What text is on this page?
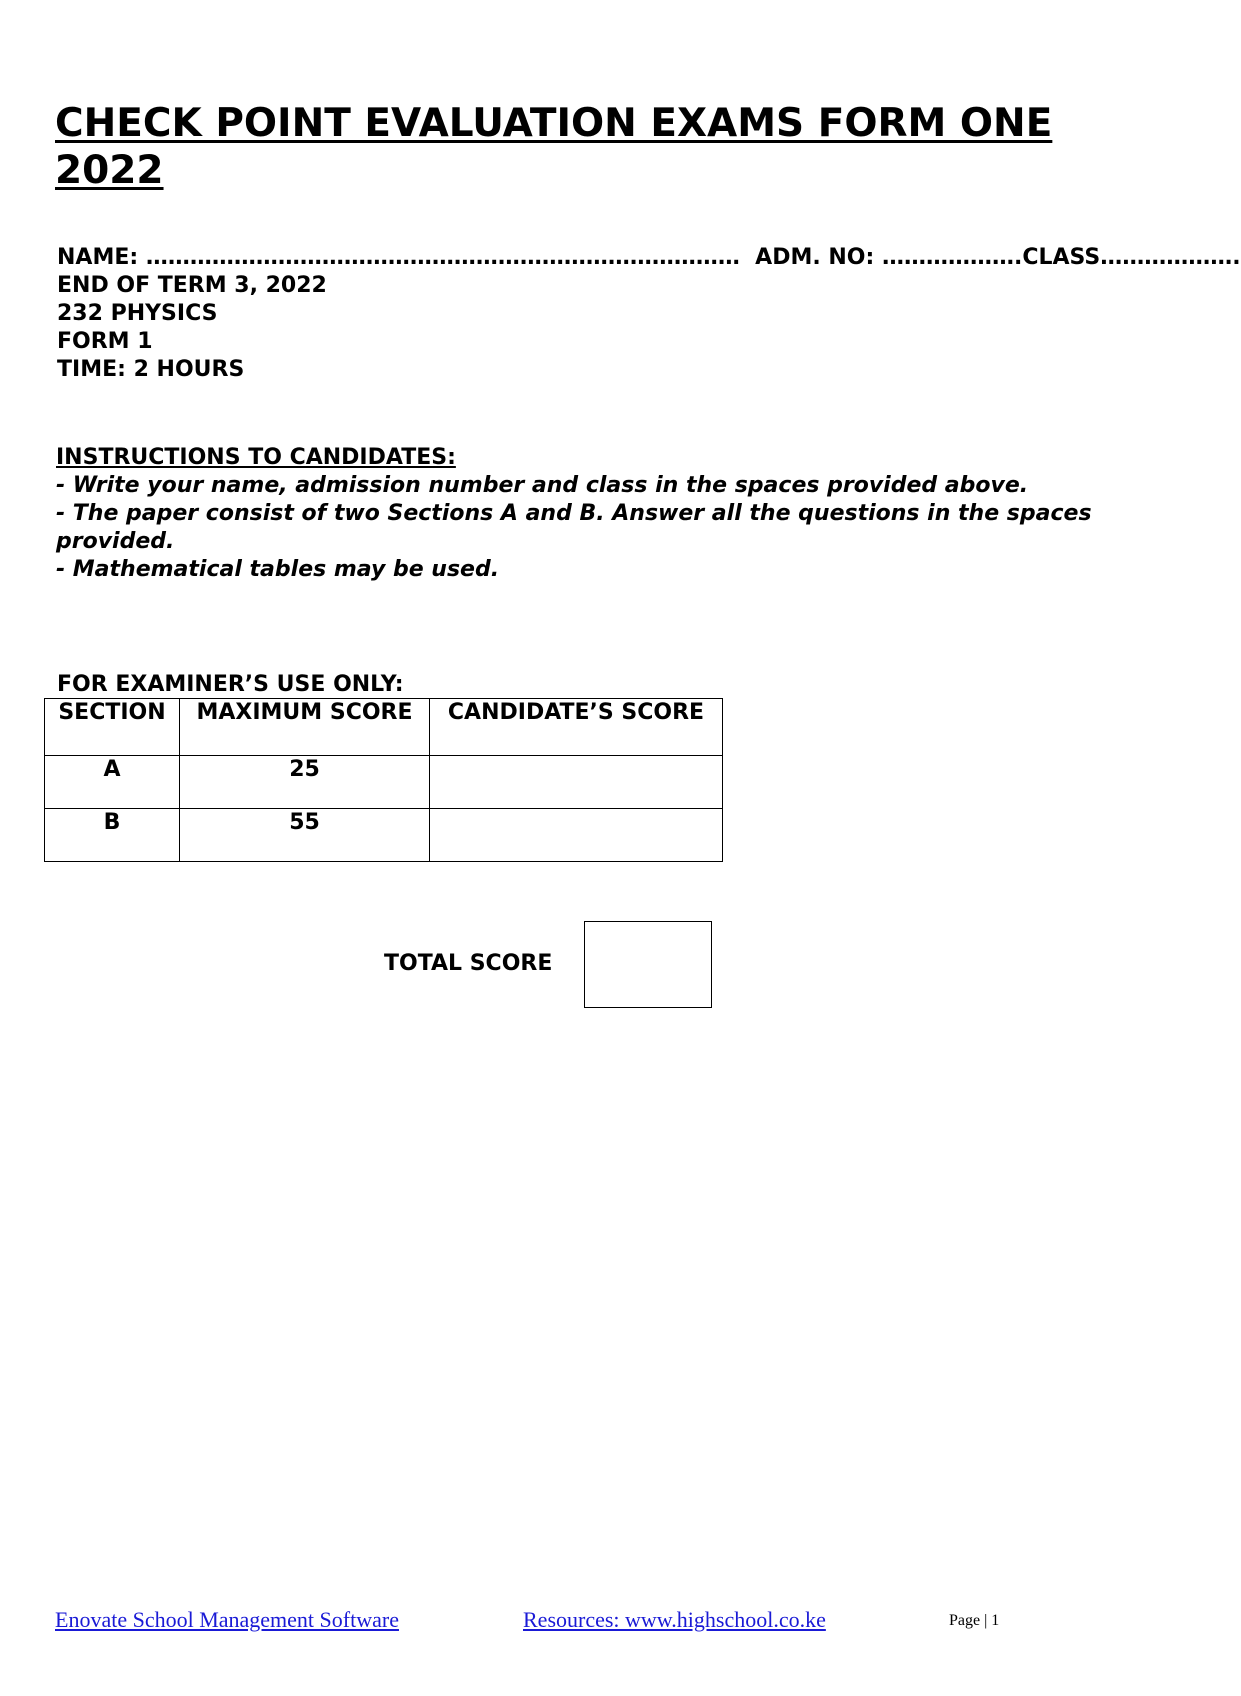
CHECK POINT EVALUATION EXAMS FORM ONE 2022

NAME: ……………………………………………………………………… ADM. NO: ……………….CLASS……………….

END OF TERM 3, 2022

232 PHYSICS

FORM 1

TIME: 2 HOURS

INSTRUCTIONS TO CANDIDATES:

- Write your name, admission number and class in the spaces provided above.

- The paper consist of two Sections A and B. Answer all the questions in the spaces provided.

- Mathematical tables may be used.

FOR EXAMINER’S USE ONLY:

SECTION	MAXIMUM SCORE	CANDIDATE’S SCORE
A	25	
B	55	

TOTAL SCORE

Enovate School Management Software	Resources: www.highschool.co.ke	Page | 1
